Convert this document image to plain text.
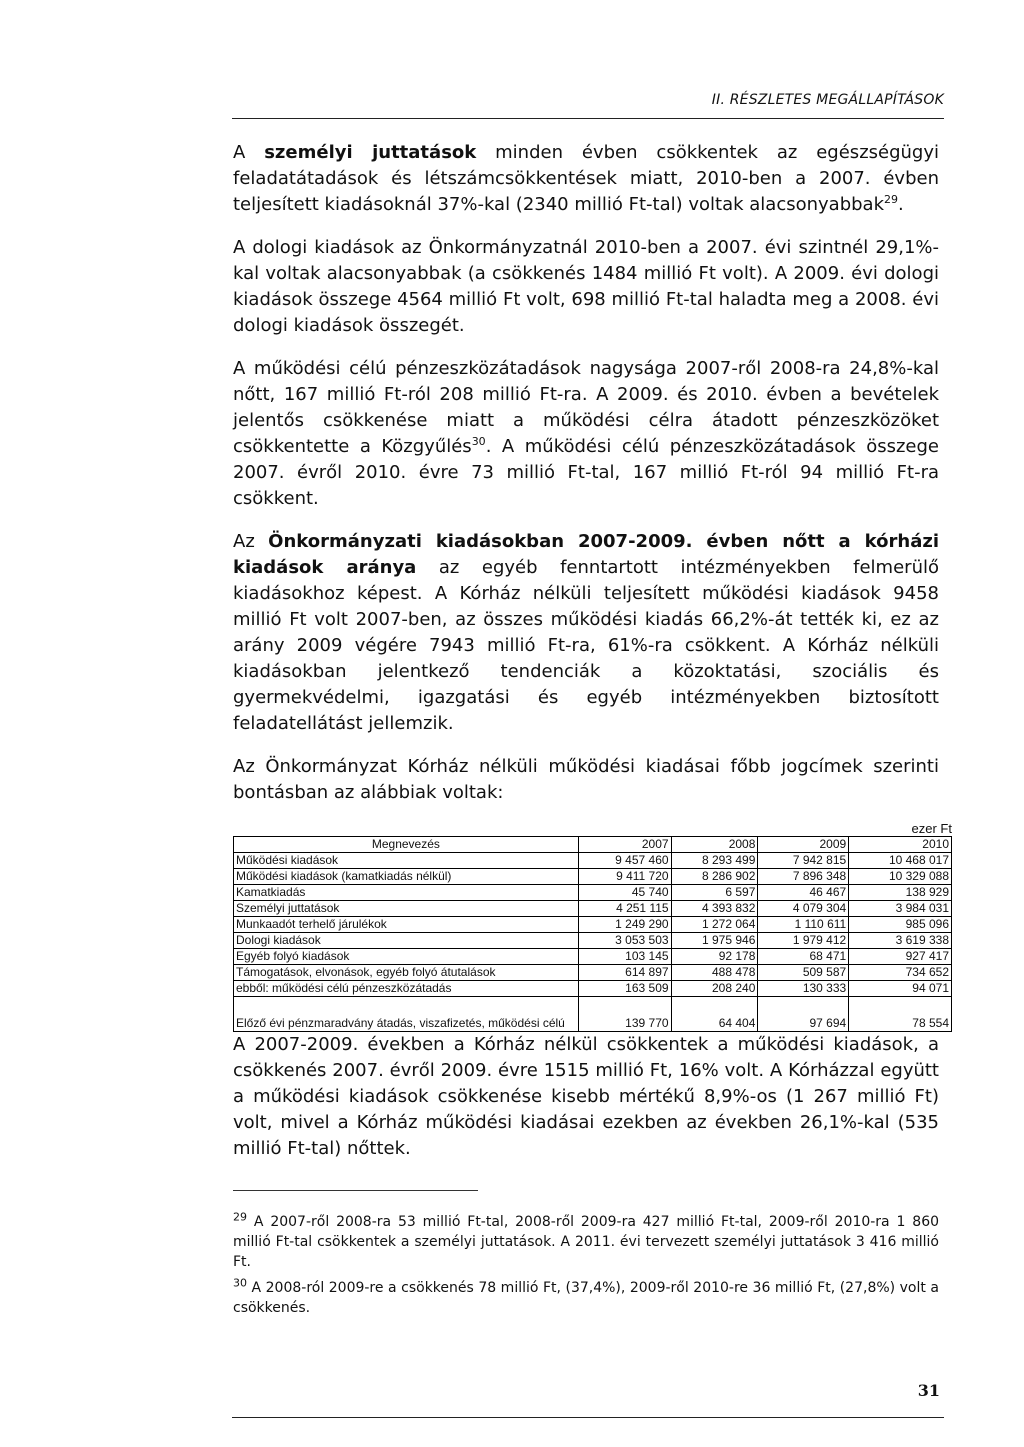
II. RÉSZLETES MEGÁLLAPÍTÁSOK

A személyi juttatások minden évben csökkentek az egészségügyi feladatátadások és létszámcsökkentések miatt, 2010-ben a 2007. évben teljesített kiadásoknál 37%-kal (2340 millió Ft-tal) voltak alacsonyabbak$^{29}$.

A dologi kiadások az Önkormányzatnál 2010-ben a 2007. évi szintnél 29,1%-kal voltak alacsonyabbak (a csökkenés 1484 millió Ft volt). A 2009. évi dologi kiadások összege 4564 millió Ft volt, 698 millió Ft-tal haladta meg a 2008. évi dologi kiadások összegét.

A működési célú pénzeszközátadások nagysága 2007-ről 2008-ra 24,8%-kal nőtt, 167 millió Ft-ról 208 millió Ft-ra. A 2009. és 2010. évben a bevételek jelentős csökkenése miatt a működési célra átadott pénzeszközöket csökkentette a Közgyűlés$^{30}$. A működési célú pénzeszközátadások összege 2007. évről 2010. évre 73 millió Ft-tal, 167 millió Ft-ról 94 millió Ft-ra csökkent.

Az Önkormányzati kiadásokban 2007-2009. évben nőtt a kórházi kiadások aránya az egyéb fenntartott intézményekben felmerülő kiadásokhoz képest. A Kórház nélküli teljesített működési kiadások 9458 millió Ft volt 2007-ben, az összes működési kiadás 66,2%-át tették ki, ez az arány 2009 végére 7943 millió Ft-ra, 61%-ra csökkent. A Kórház nélküli kiadásokban jelentkező tendenciák a közoktatási, szociális és gyermekvédelmi, igazgatási és egyéb intézményekben biztosított feladatellátást jellemzik.

Az Önkormányzat Kórház nélküli működési kiadásai főbb jogcímek szerinti bontásban az alábbiak voltak:

ezer Ft
Megnevezés	2007	2008	2009	2010
Működési kiadások	9 457 460	8 293 499	7 942 815	10 468 017
Működési kiadások (kamatkiadás nélkül)	9 411 720	8 286 902	7 896 348	10 329 088
Kamatkiadás	45 740	6 597	46 467	138 929
Személyi juttatások	4 251 115	4 393 832	4 079 304	3 984 031
Munkaadót terhelő járulékok	1 249 290	1 272 064	1 110 611	985 096
Dologi kiadások	3 053 503	1 975 946	1 979 412	3 619 338
Egyéb folyó kiadások	103 145	92 178	68 471	927 417
Támogatások, elvonások, egyéb folyó átutalások	614 897	488 478	509 587	734 652
ebből: működési célú pénzeszközátadás	163 509	208 240	130 333	94 071
Előző évi pénzmaradvány átadás, viszafizetés, működési célú	139 770	64 404	97 694	78 554

A 2007-2009. években a Kórház nélkül csökkentek a működési kiadások, a csökkenés 2007. évről 2009. évre 1515 millió Ft, 16% volt. A Kórházzal együtt a működési kiadások csökkenése kisebb mértékű 8,9%-os (1 267 millió Ft) volt, mivel a Kórház működési kiadásai ezekben az években 26,1%-kal (535 millió Ft-tal) nőttek.

$^{29}$ A 2007-ről 2008-ra 53 millió Ft-tal, 2008-ről 2009-ra 427 millió Ft-tal, 2009-ről 2010-ra 1 860 millió Ft-tal csökkentek a személyi juttatások. A 2011. évi tervezett személyi juttatások 3 416 millió Ft.

$^{30}$ A 2008-ról 2009-re a csökkenés 78 millió Ft, (37,4%), 2009-ről 2010-re 36 millió Ft, (27,8%) volt a csökkenés.

31
